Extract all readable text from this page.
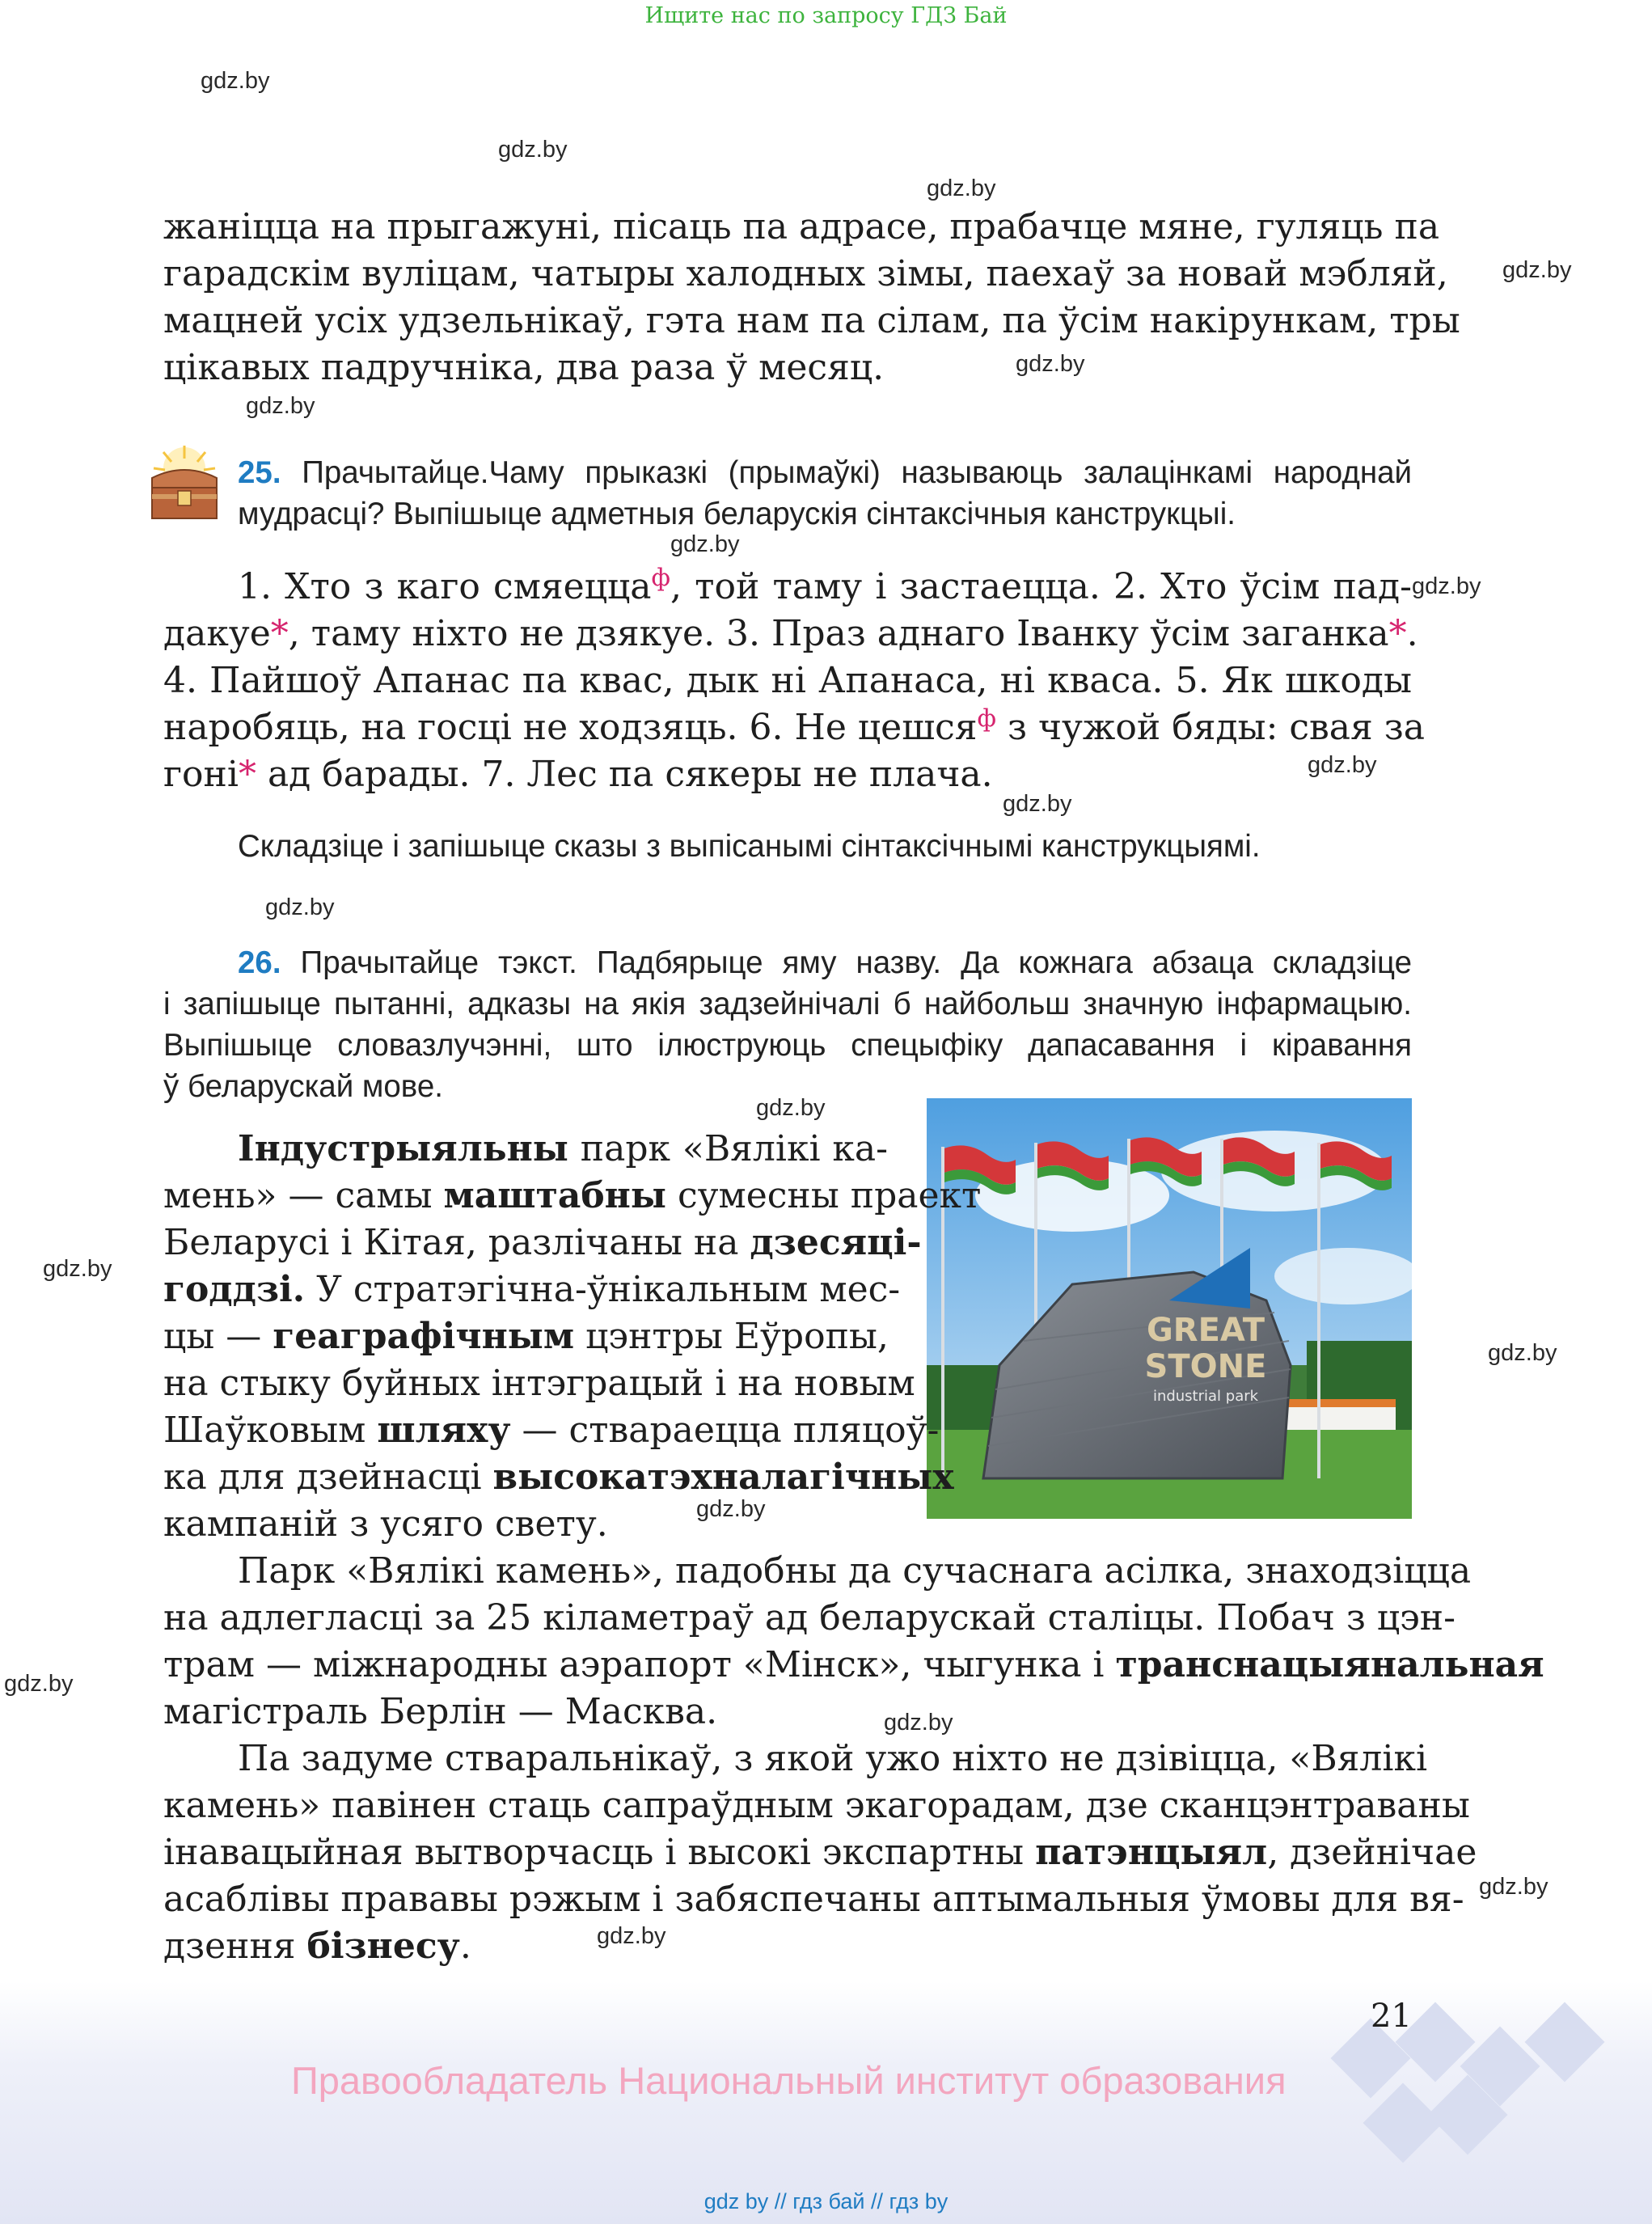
Ищите нас по запросу ГДЗ Бай
gdz.by
gdz.by
gdz.by
gdz.by
gdz.by
gdz.by
gdz.by
gdz.by
gdz.by
gdz.by
gdz.by
gdz.by
gdz.by
gdz.by
gdz.by
gdz.by
gdz.by
gdz.by
gdz.by
жаніцца на прыгажуні, пісаць па адрасе, прабачце мяне, гуляць па
гарадскім вуліцам, чатыры халодных зімы, паехаў за новай мэбляй,
мацней усіх удзельнікаў, гэта нам па сілам, па ўсім накірункам, тры
цікавых падручніка, два раза ў месяц.
25. Прачытайце.Чаму прыказкі (прымаўкі) называюць залацінкамі народнай
мудрасці? Выпішыце адметныя беларускія сінтаксічныя канструкцыі.
1. Хто з каго смяецца$^ф$, той таму і застаецца. 2. Хто ўсім пад-
дакуе*, таму ніхто не дзякуе. 3. Праз аднаго Іванку ўсім заганка*.
4. Пайшоў Апанас па квас, дык ні Апанаса, ні кваса. 5. Як шкоды
наробяць, на госці не ходзяць. 6. Не цешся$^ф$ з чужой бяды: свая за
гоні* ад барады. 7. Лес па сякеры не плача.
Складзіце і запішыце сказы з выпісанымі сінтаксічнымі канструкцыямі.
26. Прачытайце тэкст. Падбярыце яму назву. Да кожнага абзаца складзіце
і запішыце пытанні, адказы на якія задзейнічалі б найбольш значную інфармацыю.
Выпішыце словазлучэнні, што ілюструюць спецыфіку дапасавання і кіравання
ў беларускай мове.
GREAT
STONE
industrial park
Індустрыяльны парк «Вялікі ка-
мень» — самы маштабны сумесны праект
Беларусі і Кітая, разлічаны на дзесяці-
годдзі. У стратэгічна-ўнікальным мес-
цы — геаграфічным цэнтры Еўропы,
на стыку буйных інтэграцый і на новым
Шаўковым шляху — ствараецца пляцоў-
ка для дзейнасці высокатэхналагічных
кампаній з усяго свету.
Парк «Вялікі камень», падобны да сучаснага асілка, знаходзіцца
на адлегласці за 25 кіламетраў ад беларускай сталіцы. Побач з цэн-
трам — міжнародны аэрапорт «Мінск», чыгунка і транснацыянальная
магістраль Берлін — Масква.
Па задуме стваральнікаў, з якой ужо ніхто не дзівіцца, «Вялікі
камень» павінен стаць сапраўдным экагорадам, дзе сканцэнтраваны
інавацыйная вытворчасць і высокі экспартны патэнцыял, дзейнічае
асаблівы прававы рэжым і забяспечаны аптымальныя ўмовы для вя-
дзення бізнесу.
21
Правообладатель Национальный институт образования
gdz by // гдз бай // гдз by
